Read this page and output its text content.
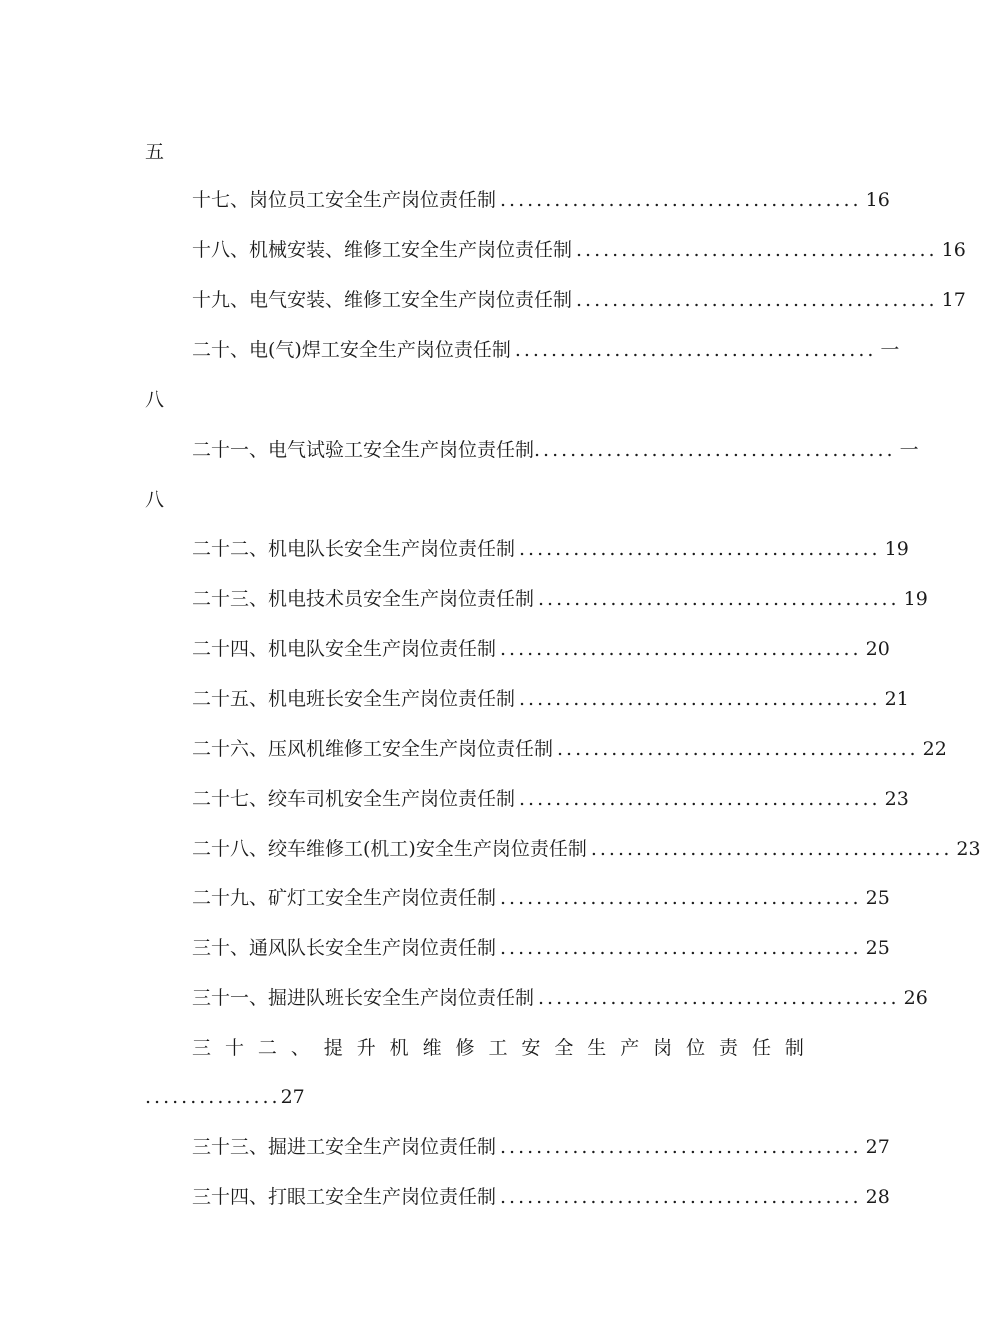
五
十七、岗位员工安全生产岗位责任制 ........................................ 16
十八、机械安装、维修工安全生产岗位责任制 ........................................ 16
十九、电气安装、维修工安全生产岗位责任制 ........................................ 17
二十、电(气)焊工安全生产岗位责任制 ........................................ 一
八
二十一、电气试验工安全生产岗位责任制 ........................................ 一
八
二十二、机电队长安全生产岗位责任制 ........................................ 19
二十三、机电技术员安全生产岗位责任制 ........................................ 19
二十四、机电队安全生产岗位责任制 ........................................ 20
二十五、机电班长安全生产岗位责任制 ........................................ 21
二十六、压风机维修工安全生产岗位责任制 ........................................ 22
二十七、绞车司机安全生产岗位责任制 ........................................ 23
二十八、绞车维修工(机工)安全生产岗位责任制 ........................................ 23
二十九、矿灯工安全生产岗位责任制 ........................................ 25
三十、通风队长安全生产岗位责任制 ........................................ 25
三十一、掘进队班长安全生产岗位责任制 ........................................ 26
三 十 二 、 提 升 机 维 修 工 安 全 生 产 岗 位 责 任 制
...............27
三十三、掘进工安全生产岗位责任制 ........................................ 27
三十四、打眼工安全生产岗位责任制 ........................................ 28
